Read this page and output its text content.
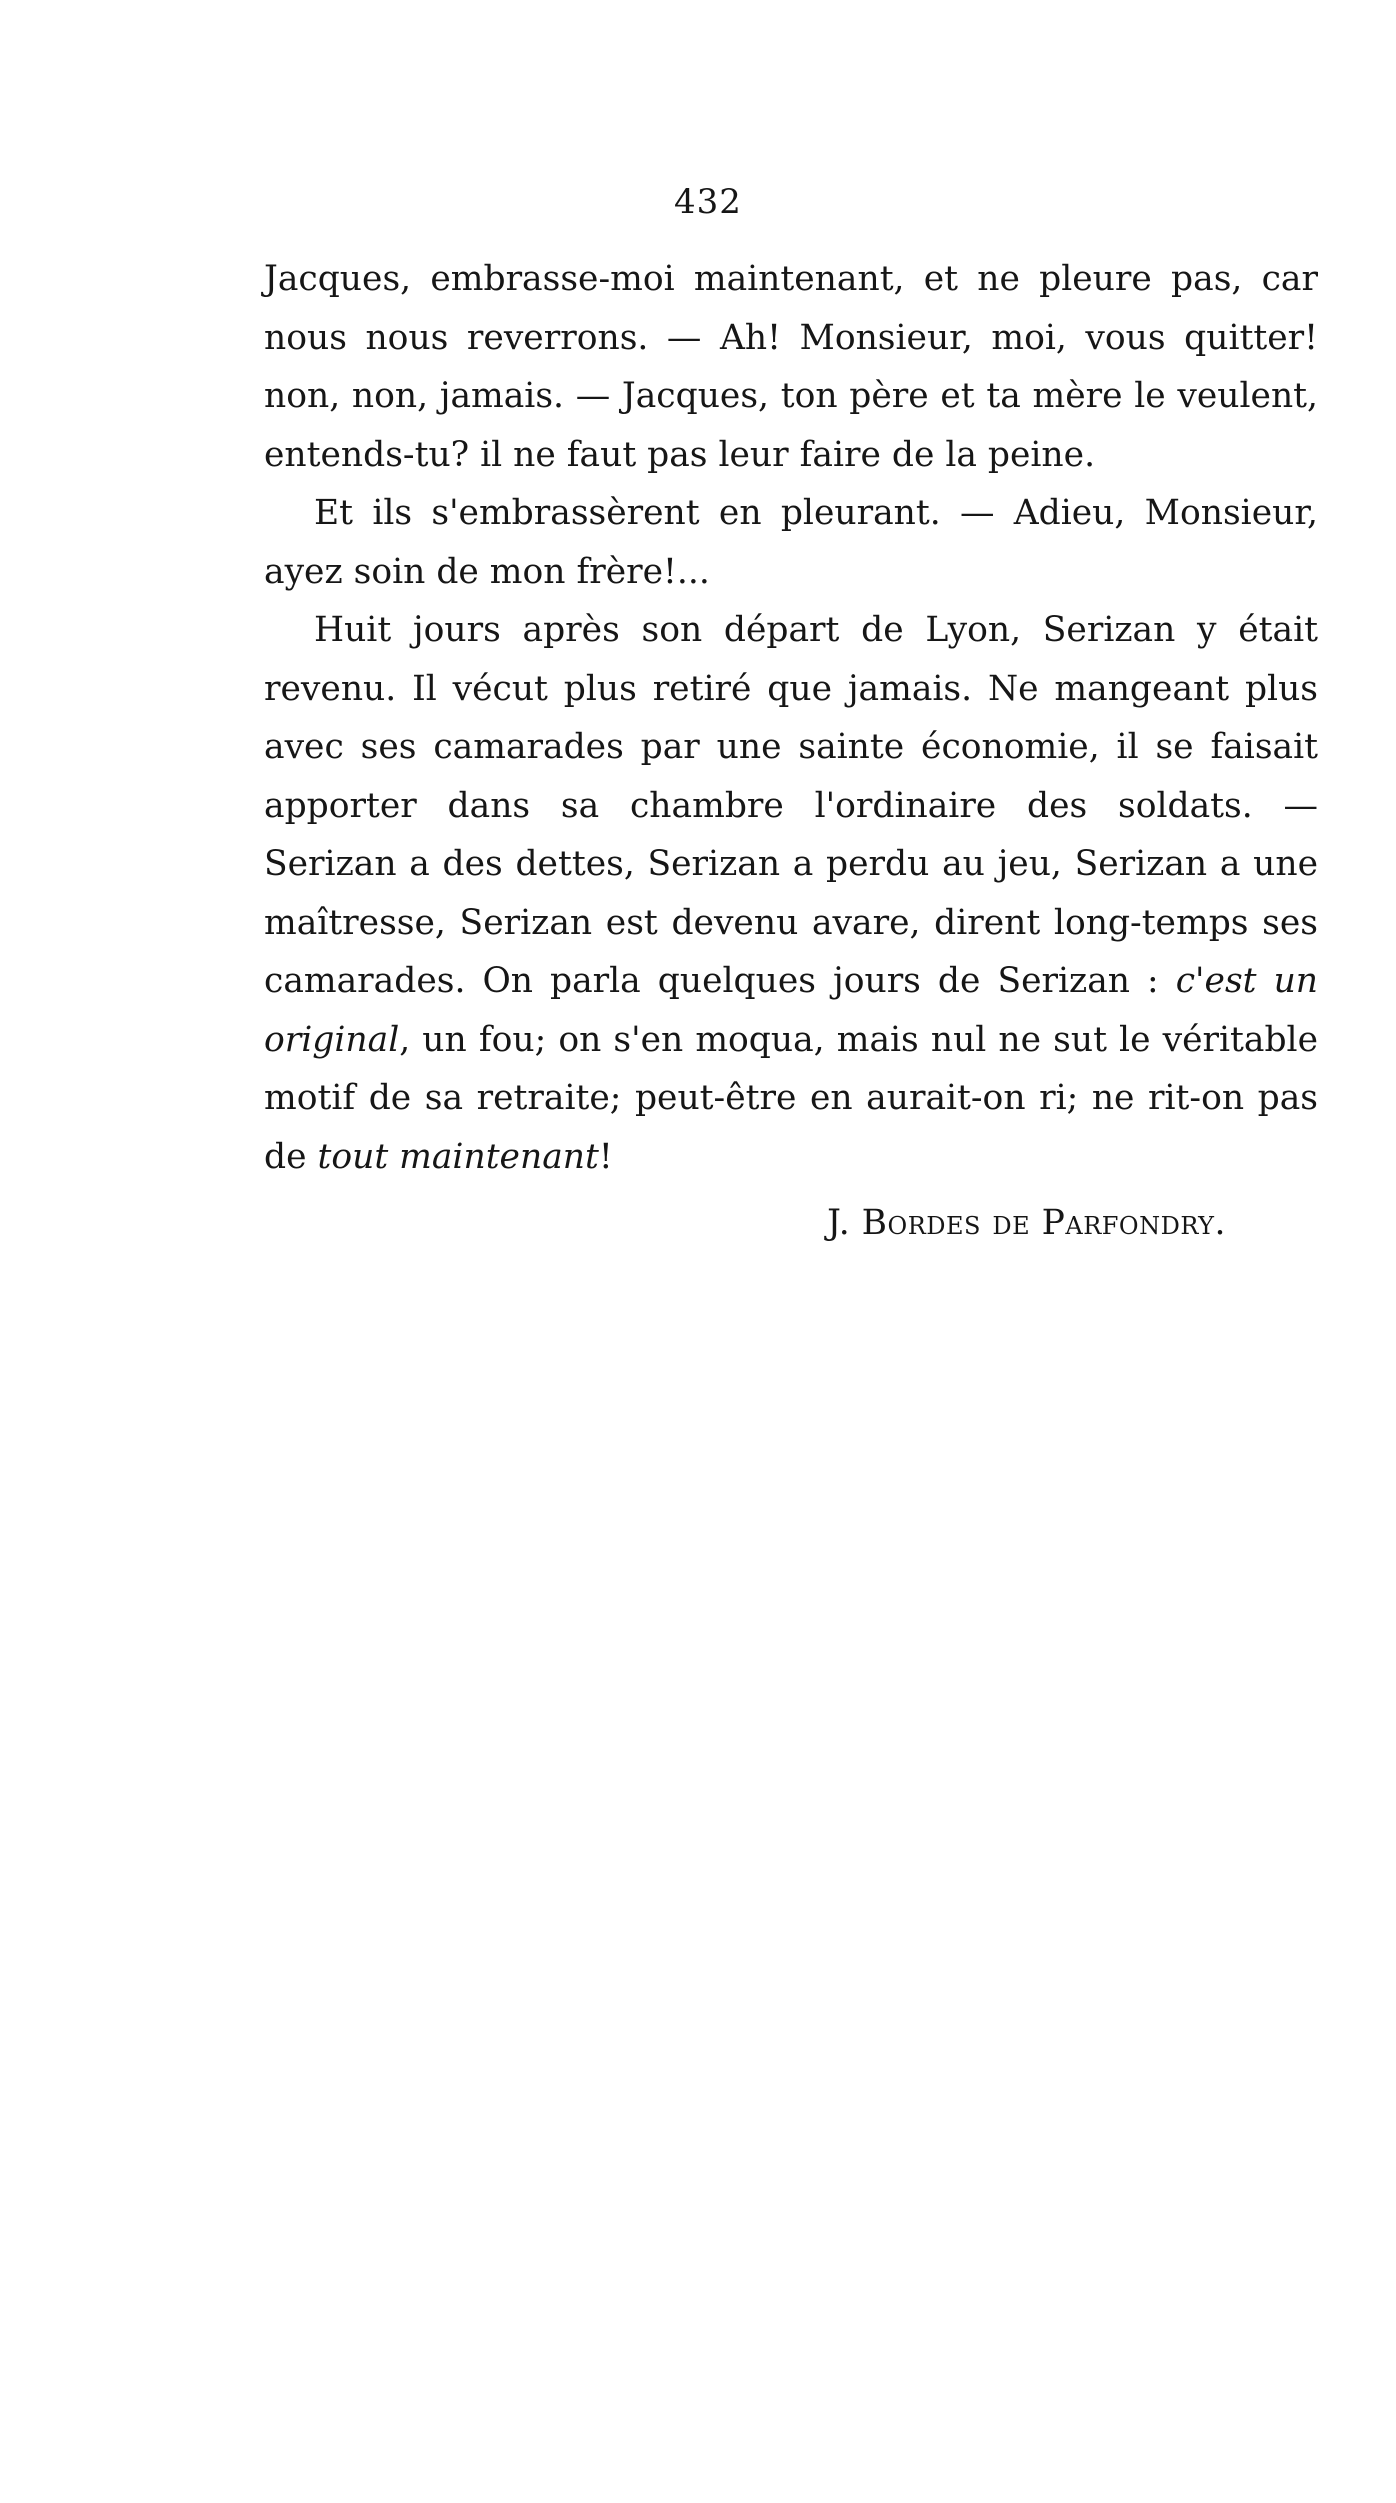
432

Jacques, embrasse-moi maintenant, et ne pleure pas, car nous nous reverrons. — Ah! Monsieur, moi, vous quitter! non, non, jamais. — Jacques, ton père et ta mère le veulent, entends-tu? il ne faut pas leur faire de la peine.

Et ils s'embrassèrent en pleurant. — Adieu, Monsieur, ayez soin de mon frère!...

Huit jours après son départ de Lyon, Serizan y était revenu. Il vécut plus retiré que jamais. Ne mangeant plus avec ses camarades par une sainte économie, il se faisait apporter dans sa chambre l'ordinaire des soldats. — Serizan a des dettes, Serizan a perdu au jeu, Serizan a une maîtresse, Serizan est devenu avare, dirent long-temps ses camarades. On parla quelques jours de Serizan : c'est un original, un fou; on s'en moqua, mais nul ne sut le véritable motif de sa retraite; peut-être en aurait-on ri; ne rit-on pas de tout maintenant!

J. Bordes de Parfondry.
